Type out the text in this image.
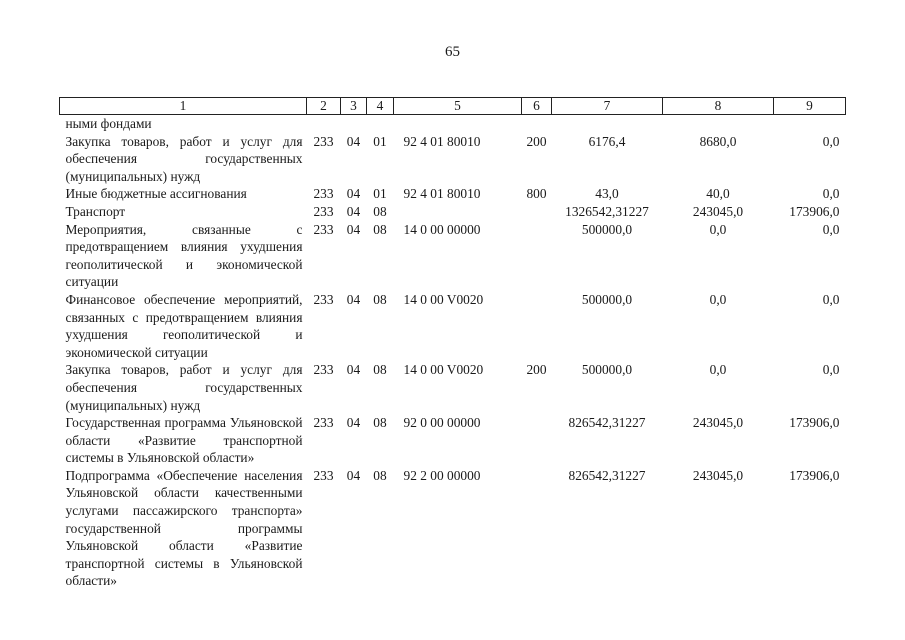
65
1	2	3	4	5	6	7	8	9
ными фондами								
Закупка товаров, работ и услуг для обеспечения государственных (муниципальных) нужд	233	04	01	92 4 01 80010	200	6176,4	8680,0	0,0
Иные бюджетные ассигнования	233	04	01	92 4 01 80010	800	43,0	40,0	0,0
Транспорт	233	04	08			1326542,31227	243045,0	173906,0
Мероприятия, связанные с предотвращением влияния ухудшения геополитической и экономической ситуации	233	04	08	14 0 00 00000		500000,0	0,0	0,0
Финансовое обеспечение мероприятий, связанных с предотвращением влияния ухудшения геополитической и экономической ситуации	233	04	08	14 0 00 V0020		500000,0	0,0	0,0
Закупка товаров, работ и услуг для обеспечения государственных (муниципальных) нужд	233	04	08	14 0 00 V0020	200	500000,0	0,0	0,0
Государственная программа Ульяновской области «Развитие транспортной системы в Ульяновской области»	233	04	08	92 0 00 00000		826542,31227	243045,0	173906,0
Подпрограмма «Обеспечение населения Ульяновской области качественными услугами пассажирского транспорта» государственной программы Ульяновской области «Развитие транспортной системы в Ульяновской области»	233	04	08	92 2 00 00000		826542,31227	243045,0	173906,0
